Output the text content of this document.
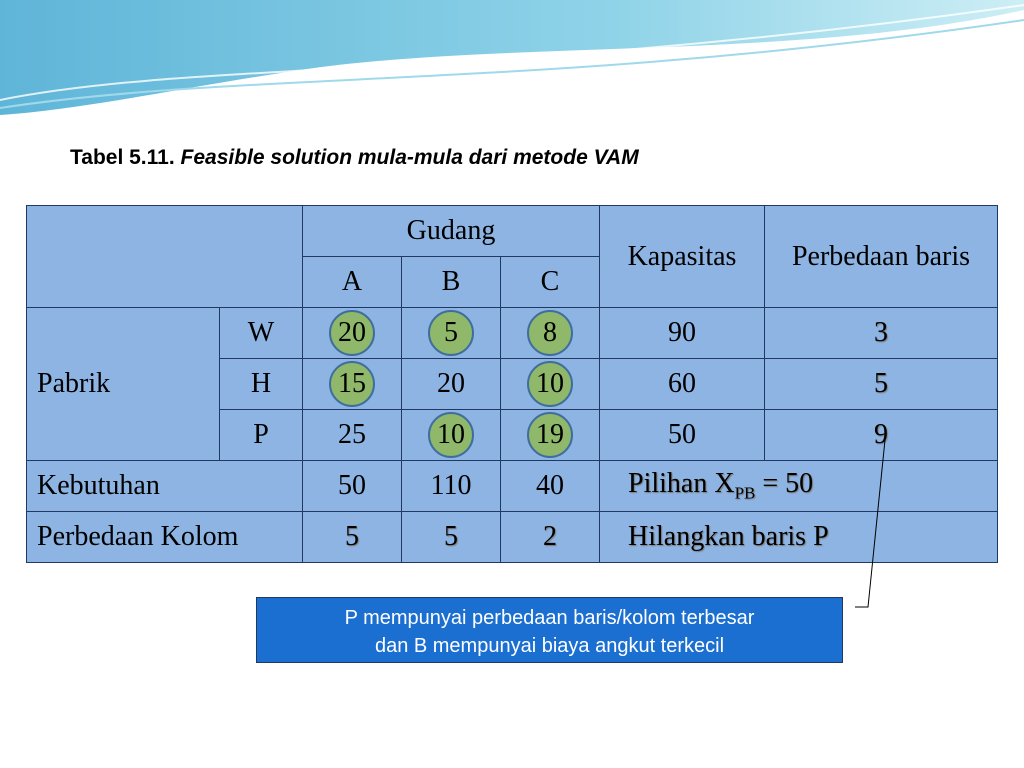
Tabel 5.11. Feasible solution mula-mula dari metode VAM
		Gudang			Kapasitas	Perbedaan baris
		A	B	C		
Pabrik	W	20	5	8	90	3
	H	15	20	10	60	5
	P	25	10	19	50	9
Kebutuhan		50	110	40	Pilihan $X_{PB} = 50$	
Perbedaan Kolom		5	5	2	Hilangkan baris P	
P mempunyai perbedaan baris/kolom terbesar
dan B mempunyai biaya angkut terkecil
